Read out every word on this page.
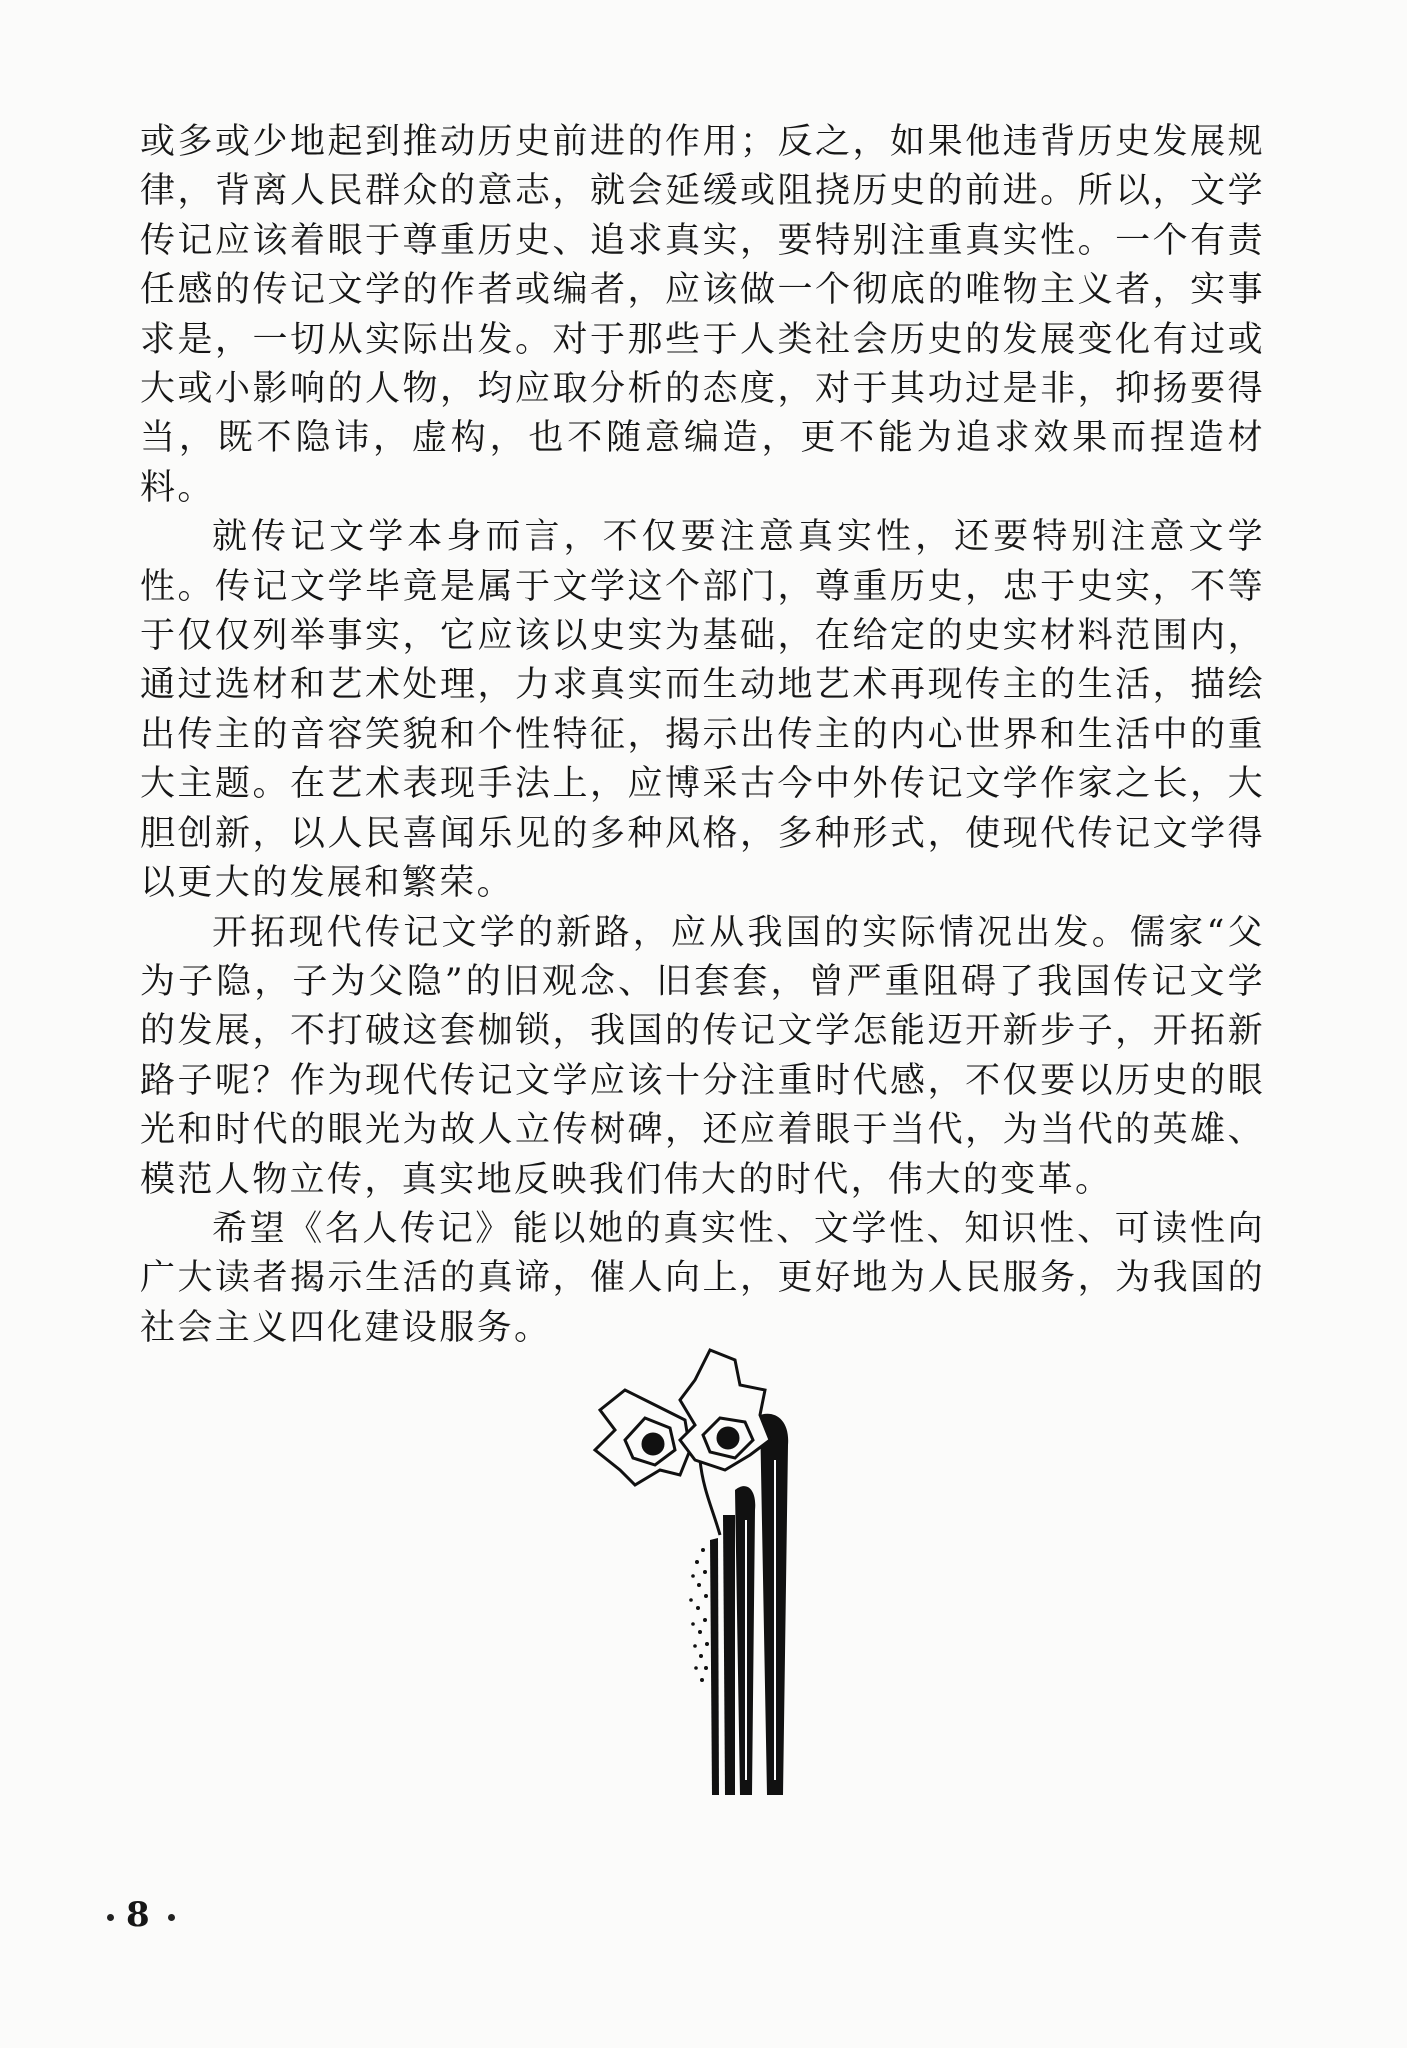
或多或少地起到推动历史前进的作用；反之，如果他违背历史发展规律，背离人民群众的意志，就会延缓或阻挠历史的前进。所以，文学传记应该着眼于尊重历史、追求真实，要特别注重真实性。一个有责任感的传记文学的作者或编者，应该做一个彻底的唯物主义者，实事求是，一切从实际出发。对于那些于人类社会历史的发展变化有过或大或小影响的人物，均应取分析的态度，对于其功过是非，抑扬要得当，既不隐讳，虚构，也不随意编造，更不能为追求效果而捏造材料。

就传记文学本身而言，不仅要注意真实性，还要特别注意文学性。传记文学毕竟是属于文学这个部门，尊重历史，忠于史实，不等于仅仅列举事实，它应该以史实为基础，在给定的史实材料范围内，通过选材和艺术处理，力求真实而生动地艺术再现传主的生活，描绘出传主的音容笑貌和个性特征，揭示出传主的内心世界和生活中的重大主题。在艺术表现手法上，应博采古今中外传记文学作家之长，大胆创新，以人民喜闻乐见的多种风格，多种形式，使现代传记文学得以更大的发展和繁荣。

开拓现代传记文学的新路，应从我国的实际情况出发。儒家“父为子隐，子为父隐”的旧观念、旧套套，曾严重阻碍了我国传记文学的发展，不打破这套枷锁，我国的传记文学怎能迈开新步子，开拓新路子呢？作为现代传记文学应该十分注重时代感，不仅要以历史的眼光和时代的眼光为故人立传树碑，还应着眼于当代，为当代的英雄、模范人物立传，真实地反映我们伟大的时代，伟大的变革。

希望《名人传记》能以她的真实性、文学性、知识性、可读性向广大读者揭示生活的真谛，催人向上，更好地为人民服务，为我国的社会主义四化建设服务。

8
